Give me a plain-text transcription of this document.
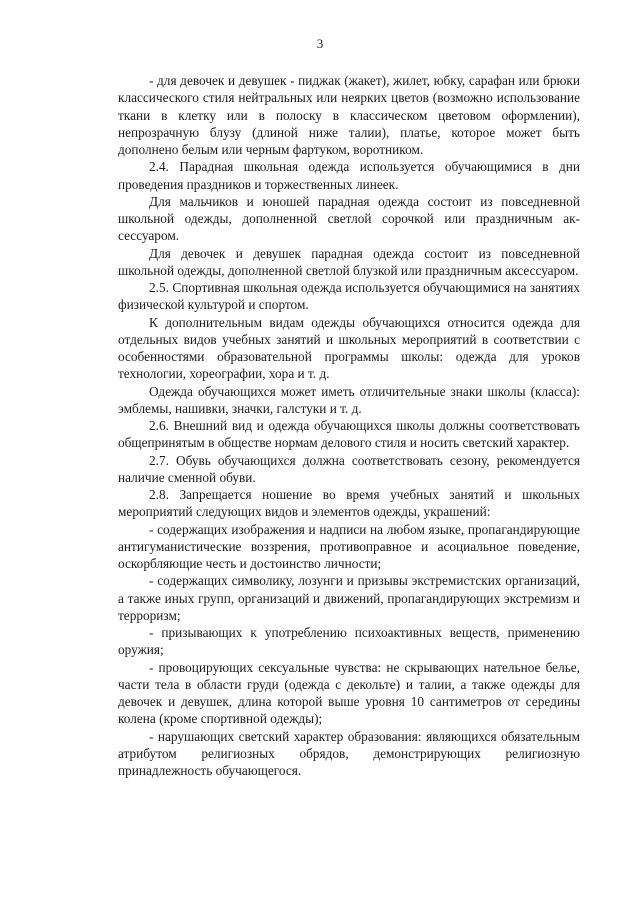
3

- для девочек и девушек - пиджак (жакет), жилет, юбку, сарафан или брюки классического стиля нейтральных или неярких цветов (возможно использование ткани в клетку или в полоску в классическом цветовом оформлении), непрозрачную блузу (длиной ниже талии), платье, которое может быть дополнено белым или черным фартуком, воротником.

2.4. Парадная школьная одежда используется обучающимися в дни проведения праздников и торжественных линеек.

Для мальчиков и юношей парадная одежда состоит из повседневной школьной одежды, дополненной светлой сорочкой или праздничным аксессуаром.

Для девочек и девушек парадная одежда состоит из повседневной школьной одежды, дополненной светлой блузкой или праздничным аксессуаром.

2.5. Спортивная школьная одежда используется обучающимися на занятиях физической культурой и спортом.

К дополнительным видам одежды обучающихся относится одежда для отдельных видов учебных занятий и школьных мероприятий в соответствии с особенностями образовательной программы школы: одежда для уроков технологии, хореографии, хора и т. д.

Одежда обучающихся может иметь отличительные знаки школы (класса): эмблемы, нашивки, значки, галстуки и т. д.

2.6. Внешний вид и одежда обучающихся школы должны соответствовать общепринятым в обществе нормам делового стиля и носить светский характер.

2.7. Обувь обучающихся должна соответствовать сезону, рекомендуется наличие сменной обуви.

2.8. Запрещается ношение во время учебных занятий и школьных мероприятий следующих видов и элементов одежды, украшений:

- содержащих изображения и надписи на любом языке, пропагандирующие антигуманистические воззрения, противоправное и асоциальное поведение, оскорбляющие честь и достоинство личности;

- содержащих символику, лозунги и призывы экстремистских организаций, а также иных групп, организаций и движений, пропагандирующих экстремизм и терроризм;

- призывающих к употреблению психоактивных веществ, применению оружия;

- провоцирующих сексуальные чувства: не скрывающих нательное белье, части тела в области груди (одежда с декольте) и талии, а также одежды для девочек и девушек, длина которой выше уровня 10 сантиметров от середины колена (кроме спортивной одежды);

- нарушающих светский характер образования: являющихся обязательным атрибутом религиозных обрядов, демонстрирующих религиозную принадлежность обучающегося.
